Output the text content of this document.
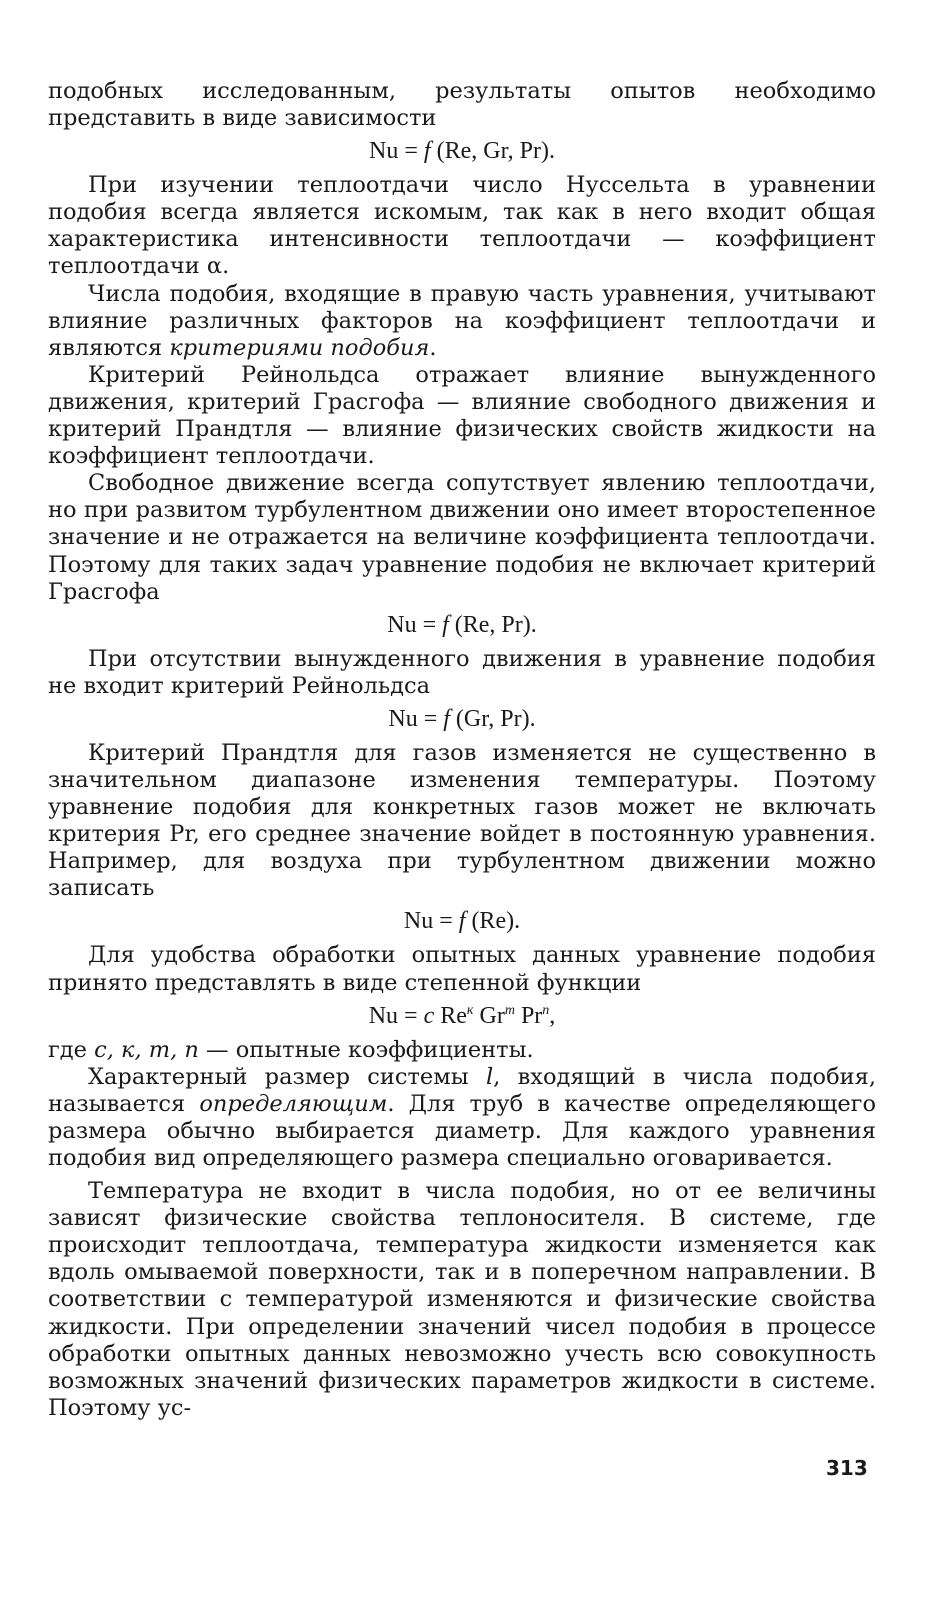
подобных исследованным, результаты опытов необходимо представить в виде зависимости

Nu = f (Re, Gr, Pr).

При изучении теплоотдачи число Нуссельта в уравнении подобия всегда является искомым, так как в него входит общая характеристика интенсивности теплоотдачи — коэффициент теплоотдачи α.

Числа подобия, входящие в правую часть уравнения, учитывают влияние различных факторов на коэффициент теплоотдачи и являются критериями подобия.

Критерий Рейнольдса отражает влияние вынужденного движения, критерий Грасгофа — влияние свободного движения и критерий Прандтля — влияние физических свойств жидкости на коэффициент теплоотдачи.

Свободное движение всегда сопутствует явлению теплоотдачи, но при развитом турбулентном движении оно имеет второстепенное значение и не отражается на величине коэффициента теплоотдачи. Поэтому для таких задач уравнение подобия не включает критерий Грасгофа

Nu = f (Re, Pr).

При отсутствии вынужденного движения в уравнение подобия не входит критерий Рейнольдса

Nu = f (Gr, Pr).

Критерий Прандтля для газов изменяется не существенно в значительном диапазоне изменения температуры. Поэтому уравнение подобия для конкретных газов может не включать критерия Pr, его среднее значение войдет в постоянную уравнения. Например, для воздуха при турбулентном движении можно записать

Nu = f (Re).

Для удобства обработки опытных данных уравнение подобия принято представлять в виде степенной функции

Nu = c $Re^к$ Gr$^m$ Pr$^n$,

где c, к, m, n — опытные коэффициенты.

Характерный размер системы l, входящий в числа подобия, называется определяющим. Для труб в качестве определяющего размера обычно выбирается диаметр. Для каждого уравнения подобия вид определяющего размера специально оговаривается.

Температура не входит в числа подобия, но от ее величины зависят физические свойства теплоносителя. В системе, где происходит теплоотдача, температура жидкости изменяется как вдоль омываемой поверхности, так и в поперечном направлении. В соответствии с температурой изменяются и физические свойства жидкости. При определении значений чисел подобия в процессе обработки опытных данных невозможно учесть всю совокупность возможных значений физических параметров жидкости в системе. Поэтому ус-

313
